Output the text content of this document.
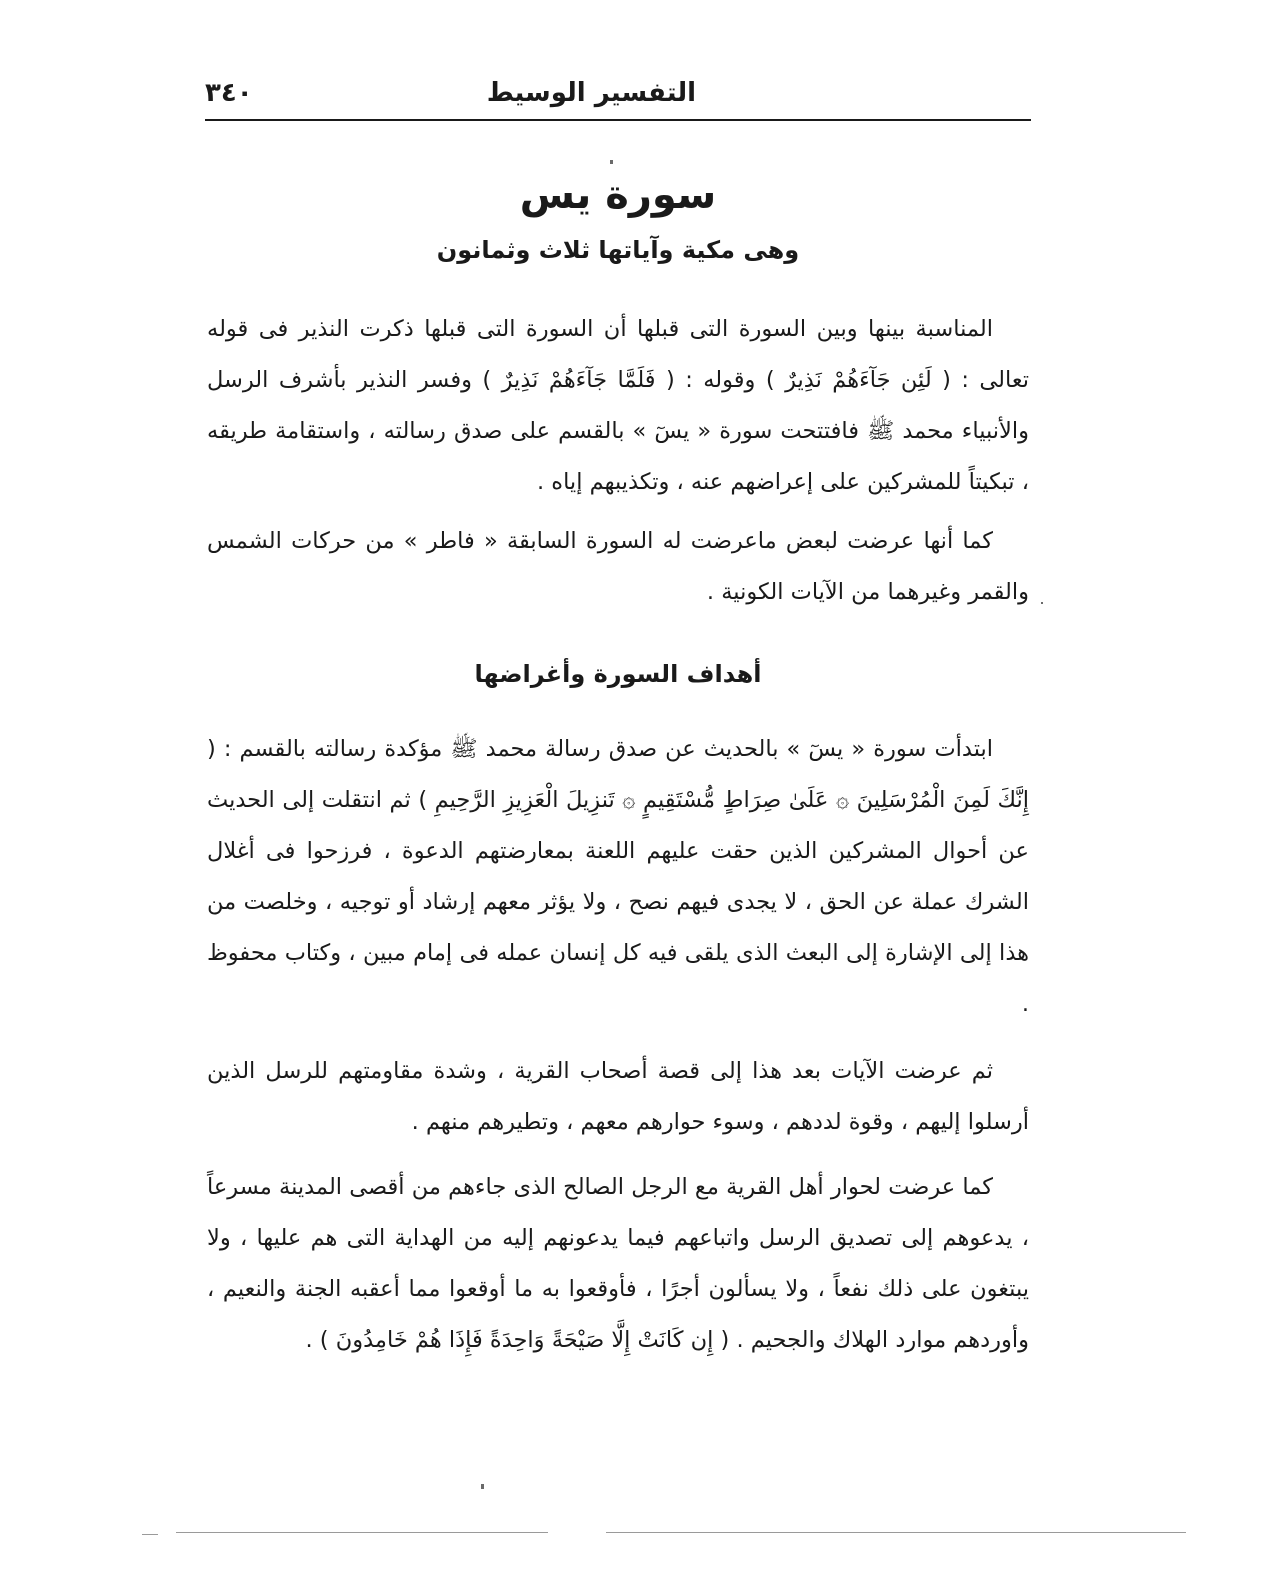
التفسير الوسيط
٣٤٠
سورة يس
وهى مكية وآياتها ثلاث وثمانون

المناسبة بينها وبين السورة التى قبلها أن السورة التى قبلها ذكرت النذير فى قوله تعالى : ( لَئِن جَآءَهُمْ نَذِيرٌ ) وقوله : ( فَلَمَّا جَآءَهُمْ نَذِيرٌ ) وفسر النذير بأشرف الرسل والأنبياء محمد ﷺ فافتتحت سورة « يسٓ » بالقسم على صدق رسالته ، واستقامة طريقه ، تبكيتاً للمشركين على إعراضهم عنه ، وتكذيبهم إياه .

كما أنها عرضت لبعض ماعرضت له السورة السابقة « فاطر » من حركات الشمس والقمر وغيرهما من الآيات الكونية .

أهداف السورة وأغراضها

ابتدأت سورة « يسٓ » بالحديث عن صدق رسالة محمد ﷺ مؤكدة رسالته بالقسم : ( إِنَّكَ لَمِنَ الْمُرْسَلِينَ ۞ عَلَىٰ صِرَاطٍ مُّسْتَقِيمٍ ۞ تَنزِيلَ الْعَزِيزِ الرَّحِيمِ ) ثم انتقلت إلى الحديث عن أحوال المشركين الذين حقت عليهم اللعنة بمعارضتهم الدعوة ، فرزحوا فى أغلال الشرك عملة عن الحق ، لا يجدى فيهم نصح ، ولا يؤثر معهم إرشاد أو توجيه ، وخلصت من هذا إلى الإشارة إلى البعث الذى يلقى فيه كل إنسان عمله فى إمام مبين ، وكتاب محفوظ .

ثم عرضت الآيات بعد هذا إلى قصة أصحاب القرية ، وشدة مقاومتهم للرسل الذين أرسلوا إليهم ، وقوة لددهم ، وسوء حوارهم معهم ، وتطيرهم منهم .

كما عرضت لحوار أهل القرية مع الرجل الصالح الذى جاءهم من أقصى المدينة مسرعاً ، يدعوهم إلى تصديق الرسل واتباعهم فيما يدعونهم إليه من الهداية التى هم عليها ، ولا يبتغون على ذلك نفعاً ، ولا يسألون أجرًا ، فأوقعوا به ما أوقعوا مما أعقبه الجنة والنعيم ، وأوردهم موارد الهلاك والجحيم . ( إِن كَانَتْ إِلَّا صَيْحَةً وَاحِدَةً فَإِذَا هُمْ خَامِدُونَ ) .
